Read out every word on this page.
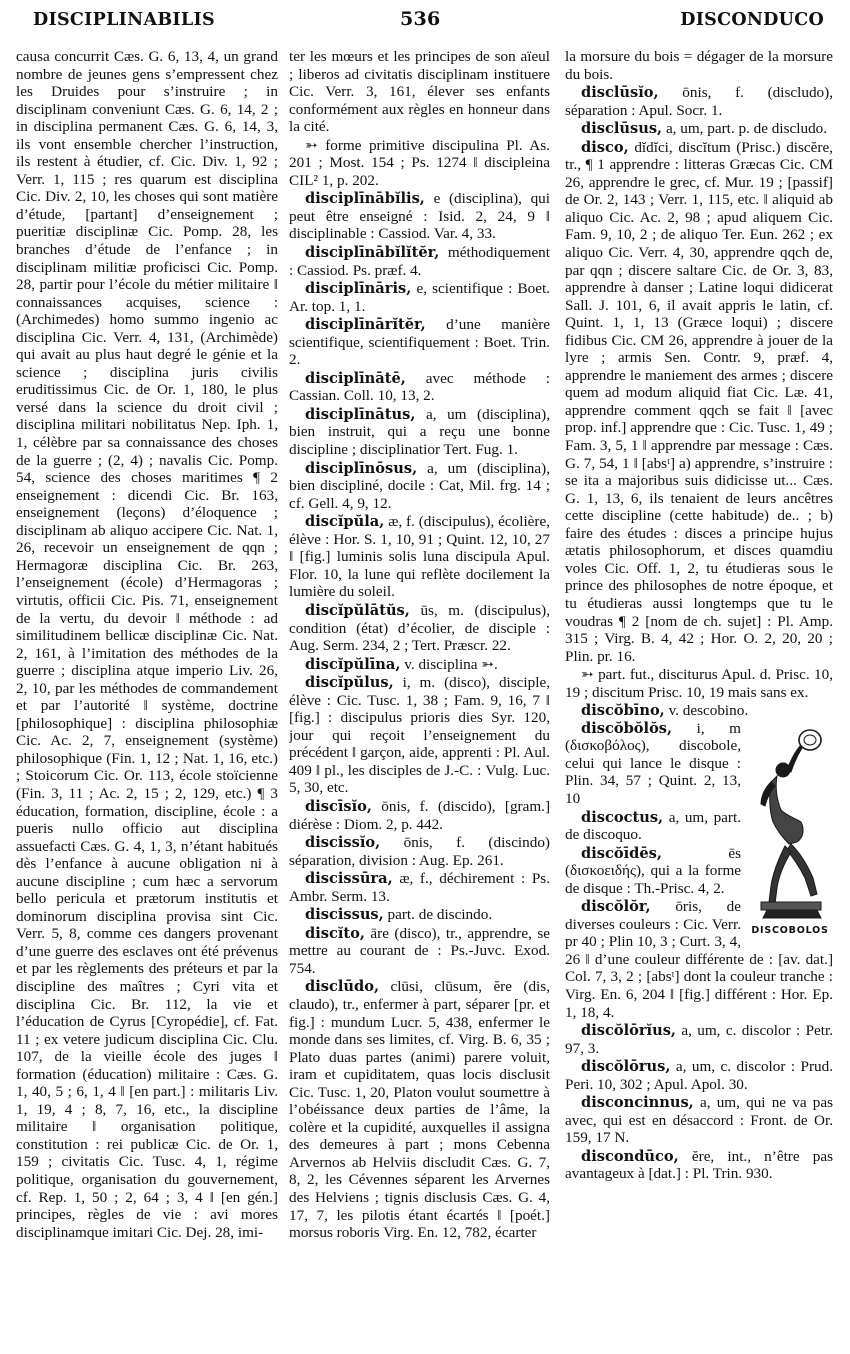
DISCIPLINABILIS	536	DISCONDUCO

causa concurrit Cæs. G. 6, 13, 4, un grand nombre de jeunes gens s’empressent chez les Druides pour s’instruire ; in disciplinam conveniunt Cæs. G. 6, 14, 2 ; in disciplina permanent Cæs. G. 6, 14, 3, ils vont ensemble chercher l’instruction, ils restent à étudier, cf. Cic. Div. 1, 92 ; Verr. 1, 115 ; res quarum est disciplina Cic. Div. 2, 10, les choses qui sont matière d’étude, [partant] d’enseignement ; pueritiæ disciplinæ Cic. Pomp. 28, les branches d’étude de l’enfance ; in disciplinam militiæ proficisci Cic. Pomp. 28, partir pour l’école du métier militaire ǁ connaissances acquises, science : (Archimedes) homo summo ingenio ac disciplina Cic. Verr. 4, 131, (Archimède) qui avait au plus haut degré le génie et la science ; disciplina juris civilis eruditissimus Cic. de Or. 1, 180, le plus versé dans la science du droit civil ; disciplina militari nobilitatus Nep. Iph. 1, 1, célèbre par sa connaissance des choses de la guerre ; (2, 4) ; navalis Cic. Pomp. 54, science des choses maritimes ¶ 2 enseignement : dicendi Cic. Br. 163, enseignement (leçons) d’éloquence ; disciplinam ab aliquo accipere Cic. Nat. 1, 26, recevoir un enseignement de qqn ; Hermagoræ disciplina Cic. Br. 263, l’enseignement (école) d’Hermagoras ; virtutis, officii Cic. Pis. 71, enseignement de la vertu, du devoir ǁ méthode : ad similitudinem bellicæ disciplinæ Cic. Nat. 2, 161, à l’imitation des méthodes de la guerre ; disciplina atque imperio Liv. 26, 2, 10, par les méthodes de commandement et par l’autorité ǁ système, doctrine [philosophique] : disciplina philosophiæ Cic. Ac. 2, 7, enseignement (système) philosophique (Fin. 1, 12 ; Nat. 1, 16, etc.) ; Stoicorum Cic. Or. 113, école stoïcienne (Fin. 3, 11 ; Ac. 2, 15 ; 2, 129, etc.) ¶ 3 éducation, formation, discipline, école : a pueris nullo officio aut disciplina assuefacti Cæs. G. 4, 1, 3, n’étant habitués dès l’enfance à aucune obligation ni à aucune discipline ; cum hæc a servorum bello pericula et prætorum institutis et dominorum disciplina provisa sint Cic. Verr. 5, 8, comme ces dangers provenant d’une guerre des esclaves ont été prévenus et par les règlements des préteurs et par la discipline des maîtres ; Cyri vita et disciplina Cic. Br. 112, la vie et l’éducation de Cyrus [Cyropédie], cf. Fat. 11 ; ex vetere judicum disciplina Cic. Clu. 107, de la vieille école des juges ǁ formation (éducation) militaire : Cæs. G. 1, 40, 5 ; 6, 1, 4 ǁ [en part.] : militaris Liv. 1, 19, 4 ; 8, 7, 16, etc., la discipline militaire ǁ organisation politique, constitution : rei publicæ Cic. de Or. 1, 159 ; civitatis Cic. Tusc. 4, 1, régime politique, organisation du gouvernement, cf. Rep. 1, 50 ; 2, 64 ; 3, 4 ǁ [en gén.] principes, règles de vie : avi mores disciplinamque imitari Cic. Dej. 28, imi-

ter les mœurs et les principes de son aïeul ; liberos ad civitatis disciplinam instituere Cic. Verr. 3, 161, élever ses enfants conformément aux règles en honneur dans la cité.

➳ forme primitive discipulina Pl. As. 201 ; Most. 154 ; Ps. 1274 ǁ discipleina CIL² 1, p. 202.

disciplīnābĭlis, e (disciplina), qui peut être enseigné : Isid. 2, 24, 9 ǁ disciplinable : Cassiod. Var. 4, 33.

disciplīnābĭlĭtĕr, méthodiquement : Cassiod. Ps. præf. 4.

disciplīnāris, e, scientifique : Boet. Ar. top. 1, 1.

disciplīnārĭtĕr, d’une manière scientifique, scientifiquement : Boet. Trin. 2.

disciplīnātē, avec méthode : Cassian. Coll. 10, 13, 2.

disciplīnātus, a, um (disciplina), bien instruit, qui a reçu une bonne discipline ; disciplinatior Tert. Fug. 1.

disciplīnōsus, a, um (disciplina), bien discipliné, docile : Cat, Mil. frg. 14 ; cf. Gell. 4, 9, 12.

discĭpŭla, æ, f. (discipulus), écolière, élève : Hor. S. 1, 10, 91 ; Quint. 12, 10, 27 ǁ [fig.] luminis solis luna discipula Apul. Flor. 10, la lune qui reflète docilement la lumière du soleil.

discĭpŭlātŭs, ūs, m. (discipulus), condition (état) d’écolier, de disciple : Aug. Serm. 234, 2 ; Tert. Præscr. 22.

discĭpŭlīna, v. disciplina ➳.

discĭpŭlus, i, m. (disco), disciple, élève : Cic. Tusc. 1, 38 ; Fam. 9, 16, 7 ǁ [fig.] : discipulus prioris dies Syr. 120, jour qui reçoit l’enseignement du précédent ǁ garçon, aide, apprenti : Pl. Aul. 409 ǁ pl., les disciples de J.-C. : Vulg. Luc. 5, 30, etc.

discīsĭo, ōnis, f. (discido), [gram.] diérèse : Diom. 2, p. 442.

discissĭo, ōnis, f. (discindo) séparation, division : Aug. Ep. 261.

discissūra, æ, f., déchirement : Ps. Ambr. Serm. 13.

discissus, part. de discindo.

discĭto, āre (disco), tr., apprendre, se mettre au courant de : Ps.-Juvc. Exod. 754.

disclūdo, clūsi, clūsum, ĕre (dis, claudo), tr., enfermer à part, séparer [pr. et fig.] : mundum Lucr. 5, 438, enfermer le monde dans ses limites, cf. Virg. B. 6, 35 ; Plato duas partes (animi) parere voluit, iram et cupiditatem, quas locis disclusit Cic. Tusc. 1, 20, Platon voulut soumettre à l’obéissance deux parties de l’âme, la colère et la cupidité, auxquelles il assigna des demeures à part ; mons Cebenna Arvernos ab Helviis discludit Cæs. G. 7, 8, 2, les Cévennes séparent les Arvernes des Helviens ; tignis disclusis Cæs. G. 4, 17, 7, les pilotis étant écartés ǁ [poét.] morsus roboris Virg. En. 12, 782, écarter

la morsure du bois = dégager de la morsure du bois.

disclūsĭo, ōnis, f. (discludo), séparation : Apul. Socr. 1.

disclūsus, a, um, part. p. de discludo.

disco, dĭdĭci, discĭtum (Prisc.) discĕre, tr., ¶ 1 apprendre : litteras Græcas Cic. CM 26, apprendre le grec, cf. Mur. 19 ; [passif] de Or. 2, 143 ; Verr. 1, 115, etc. ǁ aliquid ab aliquo Cic. Ac. 2, 98 ; apud aliquem Cic. Fam. 9, 10, 2 ; de aliquo Ter. Eun. 262 ; ex aliquo Cic. Verr. 4, 30, apprendre qqch de, par qqn ; discere saltare Cic. de Or. 3, 83, apprendre à danser ; Latine loqui didicerat Sall. J. 101, 6, il avait appris le latin, cf. Quint. 1, 1, 13 (Græce loqui) ; discere fidibus Cic. CM 26, apprendre à jouer de la lyre ; armis Sen. Contr. 9, præf. 4, apprendre le maniement des armes ; discere quem ad modum aliquid fiat Cic. Læ. 41, apprendre comment qqch se fait ǁ [avec prop. inf.] apprendre que : Cic. Tusc. 1, 49 ; Fam. 3, 5, 1 ǁ apprendre par message : Cæs. G. 7, 54, 1 ǁ [absᵗ] a) apprendre, s’instruire : se ita a majoribus suis didicisse ut... Cæs. G. 1, 13, 6, ils tenaient de leurs ancêtres cette discipline (cette habitude) de.. ; b) faire des études : disces a principe hujus ætatis philosophorum, et disces quamdiu voles Cic. Off. 1, 2, tu étudieras sous le prince des philosophes de notre époque, et tu étudieras aussi longtemps que tu le voudras ¶ 2 [nom de ch. sujet] : Pl. Amp. 315 ; Virg. B. 4, 42 ; Hor. O. 2, 20, 20 ; Plin. pr. 16.

➳ part. fut., disciturus Apul. d. Prisc. 10, 19 ; discitum Prisc. 10, 19 mais sans ex.

discŏbīno, v. descobino.

DISCOBOLOS

discŏbŏlŏs, i, m (δισκοβόλος), discobole, celui qui lance le disque : Plin. 34, 57 ; Quint. 2, 13, 10

discoctus, a, um, part. de discoquo.

discŏīdēs,	ēs (δισκοειδής), qui a la forme de disque : Th.-Prisc. 4, 2.

discŏlŏr, ōris, de diverses couleurs : Cic. Verr. pr 40 ; Plin 10, 3 ; Curt. 3, 4, 26 ǁ d’une couleur différente de : [av. dat.] Col. 7, 3, 2 ; [absᵗ] dont la couleur tranche : Virg. En. 6, 204 ǁ [fig.] différent : Hor. Ep. 1, 18, 4.

discŏlōrĭus, a, um, c. discolor : Petr. 97, 3.

discŏlōrus, a, um, c. discolor : Prud. Peri. 10, 302 ; Apul. Apol. 30.

disconcinnus, a, um, qui ne va pas avec, qui est en désaccord : Front. de Or. 159, 17 N.

discondūco, ĕre, int., n’être pas avantageux à [dat.] : Pl. Trin. 930.
